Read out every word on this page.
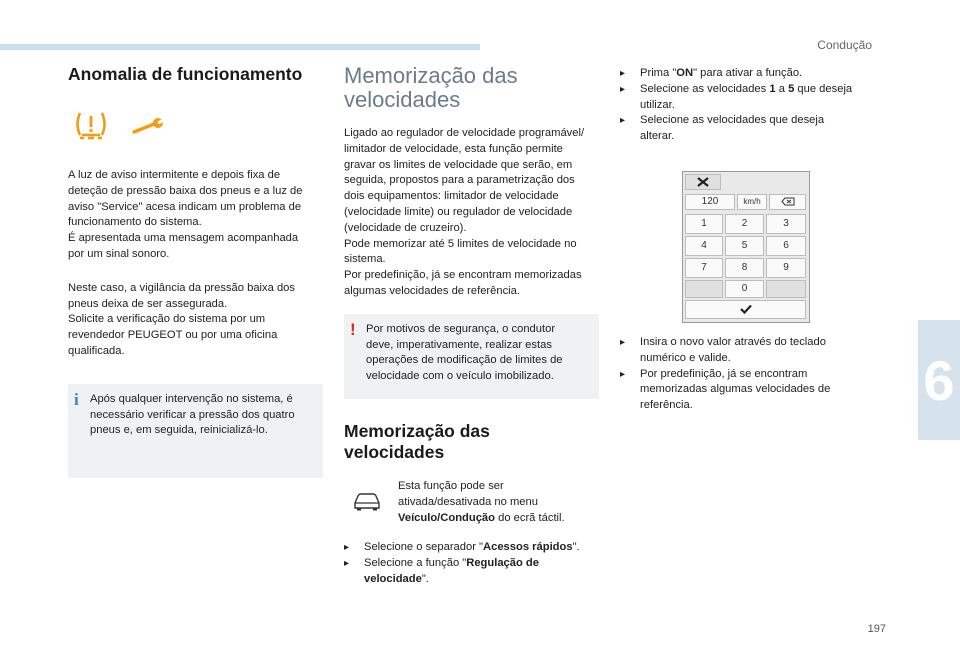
Condução
6
197
Anomalia de funcionamento

A luz de aviso intermitente e depois fixa de
deteção de pressão baixa dos pneus e a luz de
aviso "Service" acesa indicam um problema de
funcionamento do sistema.
É apresentada uma mensagem acompanhada
por um sinal sonoro.

Neste caso, a vigilância da pressão baixa dos
pneus deixa de ser assegurada.
Solicite a verificação do sistema por um
revendedor PEUGEOT ou por uma oficina
qualificada.

i Após qualquer intervenção no sistema, é
necessário verificar a pressão dos quatro
pneus e, em seguida, reinicializá-lo.
Memorização das
velocidades

Ligado ao regulador de velocidade programável/
limitador de velocidade, esta função permite
gravar os limites de velocidade que serão, em
seguida, propostos para a parametrização dos
dois equipamentos: limitador de velocidade
(velocidade limite) ou regulador de velocidade
(velocidade de cruzeiro).
Pode memorizar até 5 limites de velocidade no
sistema.
Por predefinição, já se encontram memorizadas
algumas velocidades de referência.

! Por motivos de segurança, o condutor
deve, imperativamente, realizar estas
operações de modificação de limites de
velocidade com o veículo imobilizado.
Memorização das
velocidades

Esta função pode ser
ativada/desativada no menu
Veículo/Condução do ecrã táctil.

▸	Selecione o separador "Acessos rápidos".
▸	Selecione a função "Regulação de
velocidade".
▸	Prima "ON" para ativar a função.
▸	Selecione as velocidades 1 a 5 que deseja
utilizar.
▸	Selecione as velocidades que deseja
alterar.
120	km/h
1	2	3
4	5	6
7	8	9
0
▸	Insira o novo valor através do teclado
numérico e valide.
▸	Por predefinição, já se encontram
memorizadas algumas velocidades de
referência.
